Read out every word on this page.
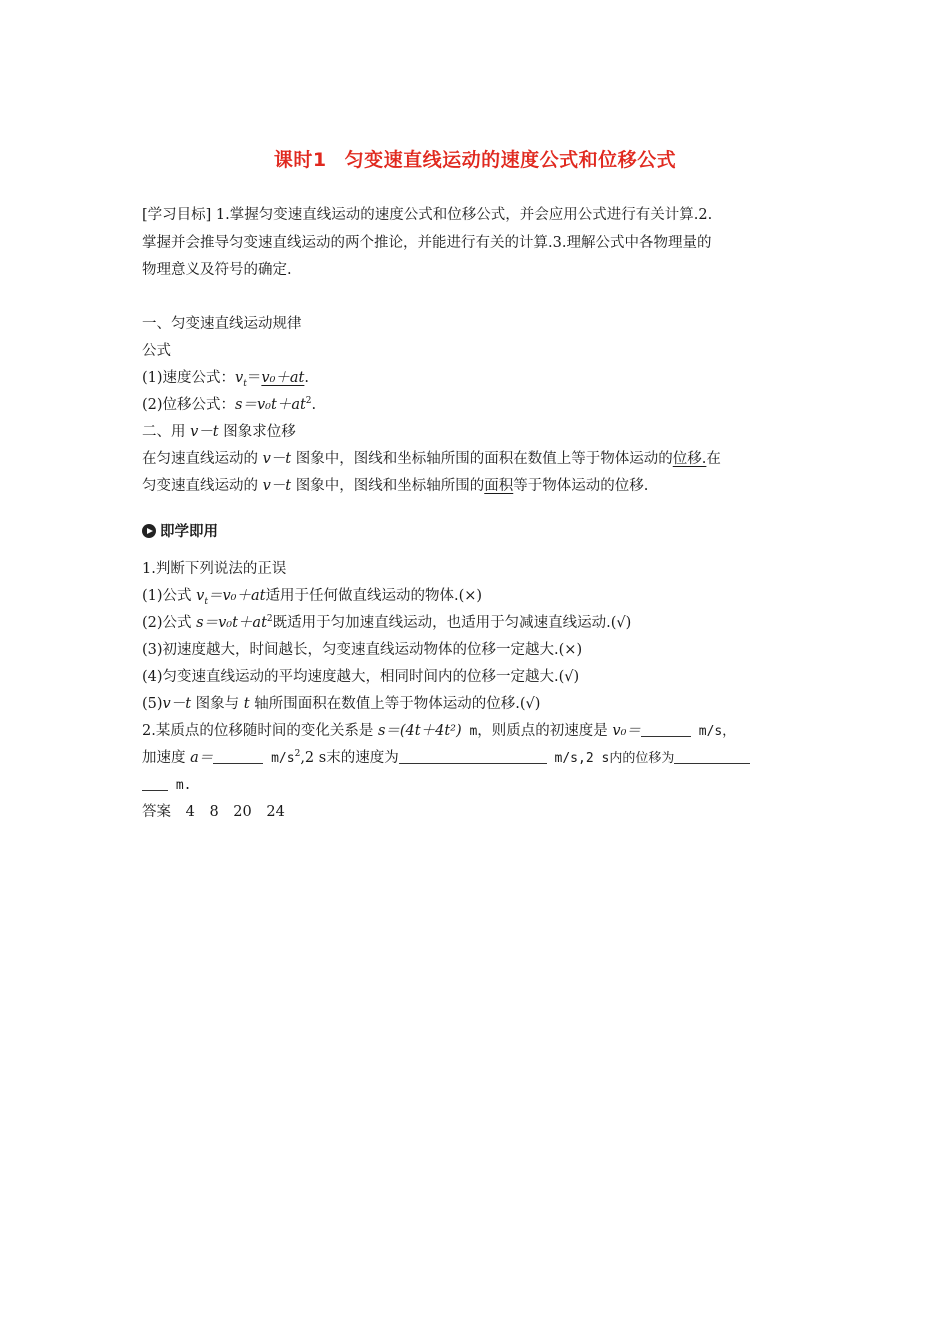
课时1 匀变速直线运动的速度公式和位移公式
[学习目标] 1.掌握匀变速直线运动的速度公式和位移公式，并会应用公式进行有关计算.2.
掌握并会推导匀变速直线运动的两个推论，并能进行有关的计算.3.理解公式中各物理量的
物理意义及符号的确定.
一、匀变速直线运动规律
公式
(1)速度公式：$v_t=v_0+at$.
(2)位移公式：$s=v_0t+at^2$.
二、用 v－t 图象求位移
在匀速直线运动的 v－t 图象中，图线和坐标轴所围的面积在数值上等于物体运动的位移.在
匀变速直线运动的 v－t 图象中，图线和坐标轴所围的面积等于物体运动的位移.
即学即用
1.判断下列说法的正误
(1)公式 $v_t=v_0+at$适用于任何做直线运动的物体.(×)
(2)公式 $s=v_0t+at^2$既适用于匀加速直线运动，也适用于匀减速直线运动.(√)
(3)初速度越大，时间越长，匀变速直线运动物体的位移一定越大.(×)
(4)匀变速直线运动的平均速度越大，相同时间内的位移一定越大.(√)
(5)v－t 图象与 t 轴所围面积在数值上等于物体运动的位移.(√)
2.某质点的位移随时间的变化关系是 s＝(4t＋4t²) m，则质点的初速度是 v₀＝	m/s，
加速度 a＝	$m/s^2,2$ s末的速度为	m/s,2 s内的位移为
m.
答案 4 8 20 24
